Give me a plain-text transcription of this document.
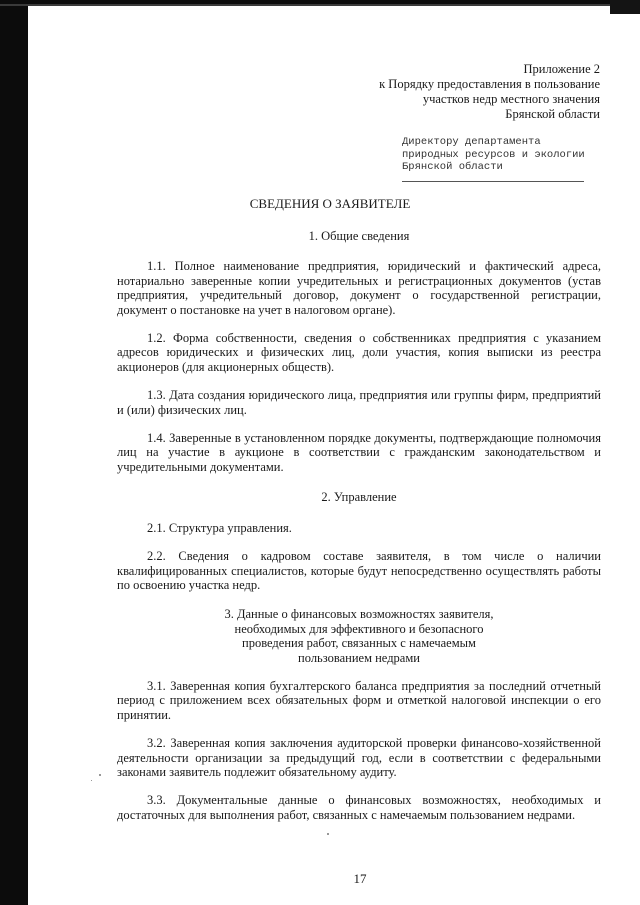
Приложение 2
к Порядку предоставления в пользование
участков недр местного значения
Брянской области
Директору департамента
природных ресурсов и экологии
Брянской области
СВЕДЕНИЯ О ЗАЯВИТЕЛЕ

1. Общие сведения

1.1. Полное наименование предприятия, юридический и фактический адреса, нотариально заверенные копии учредительных и регистрационных документов (устав предприятия, учредительный договор, документ о государственной регистрации, документ о постановке на учет в налоговом органе).

1.2. Форма собственности, сведения о собственниках предприятия с указанием адресов юридических и физических лиц, доли участия, копия выписки из реестра акционеров (для акционерных обществ).

1.3. Дата создания юридического лица, предприятия или группы фирм, предприятий и (или) физических лиц.

1.4. Заверенные в установленном порядке документы, подтверждающие полномочия лиц на участие в аукционе в соответствии с гражданским законодательством и учредительными документами.

2. Управление

2.1. Структура управления.

2.2. Сведения о кадровом составе заявителя, в том числе о наличии квалифицированных специалистов, которые будут непосредственно осуществлять работы по освоению участка недр.

3. Данные о финансовых возможностях заявителя,

необходимых для эффективного и безопасного

проведения работ, связанных с намечаемым

пользованием недрами

3.1. Заверенная копия бухгалтерского баланса предприятия за последний отчетный период с приложением всех обязательных форм и отметкой налоговой инспекции о его принятии.

3.2. Заверенная копия заключения аудиторской проверки финансово-хозяйственной деятельности организации за предыдущий год, если в соответствии с федеральными законами заявитель подлежит обязательному аудиту.

3.3. Документальные данные о финансовых возможностях, необходимых и достаточных для выполнения работ, связанных с намечаемым пользованием недрами.

17
